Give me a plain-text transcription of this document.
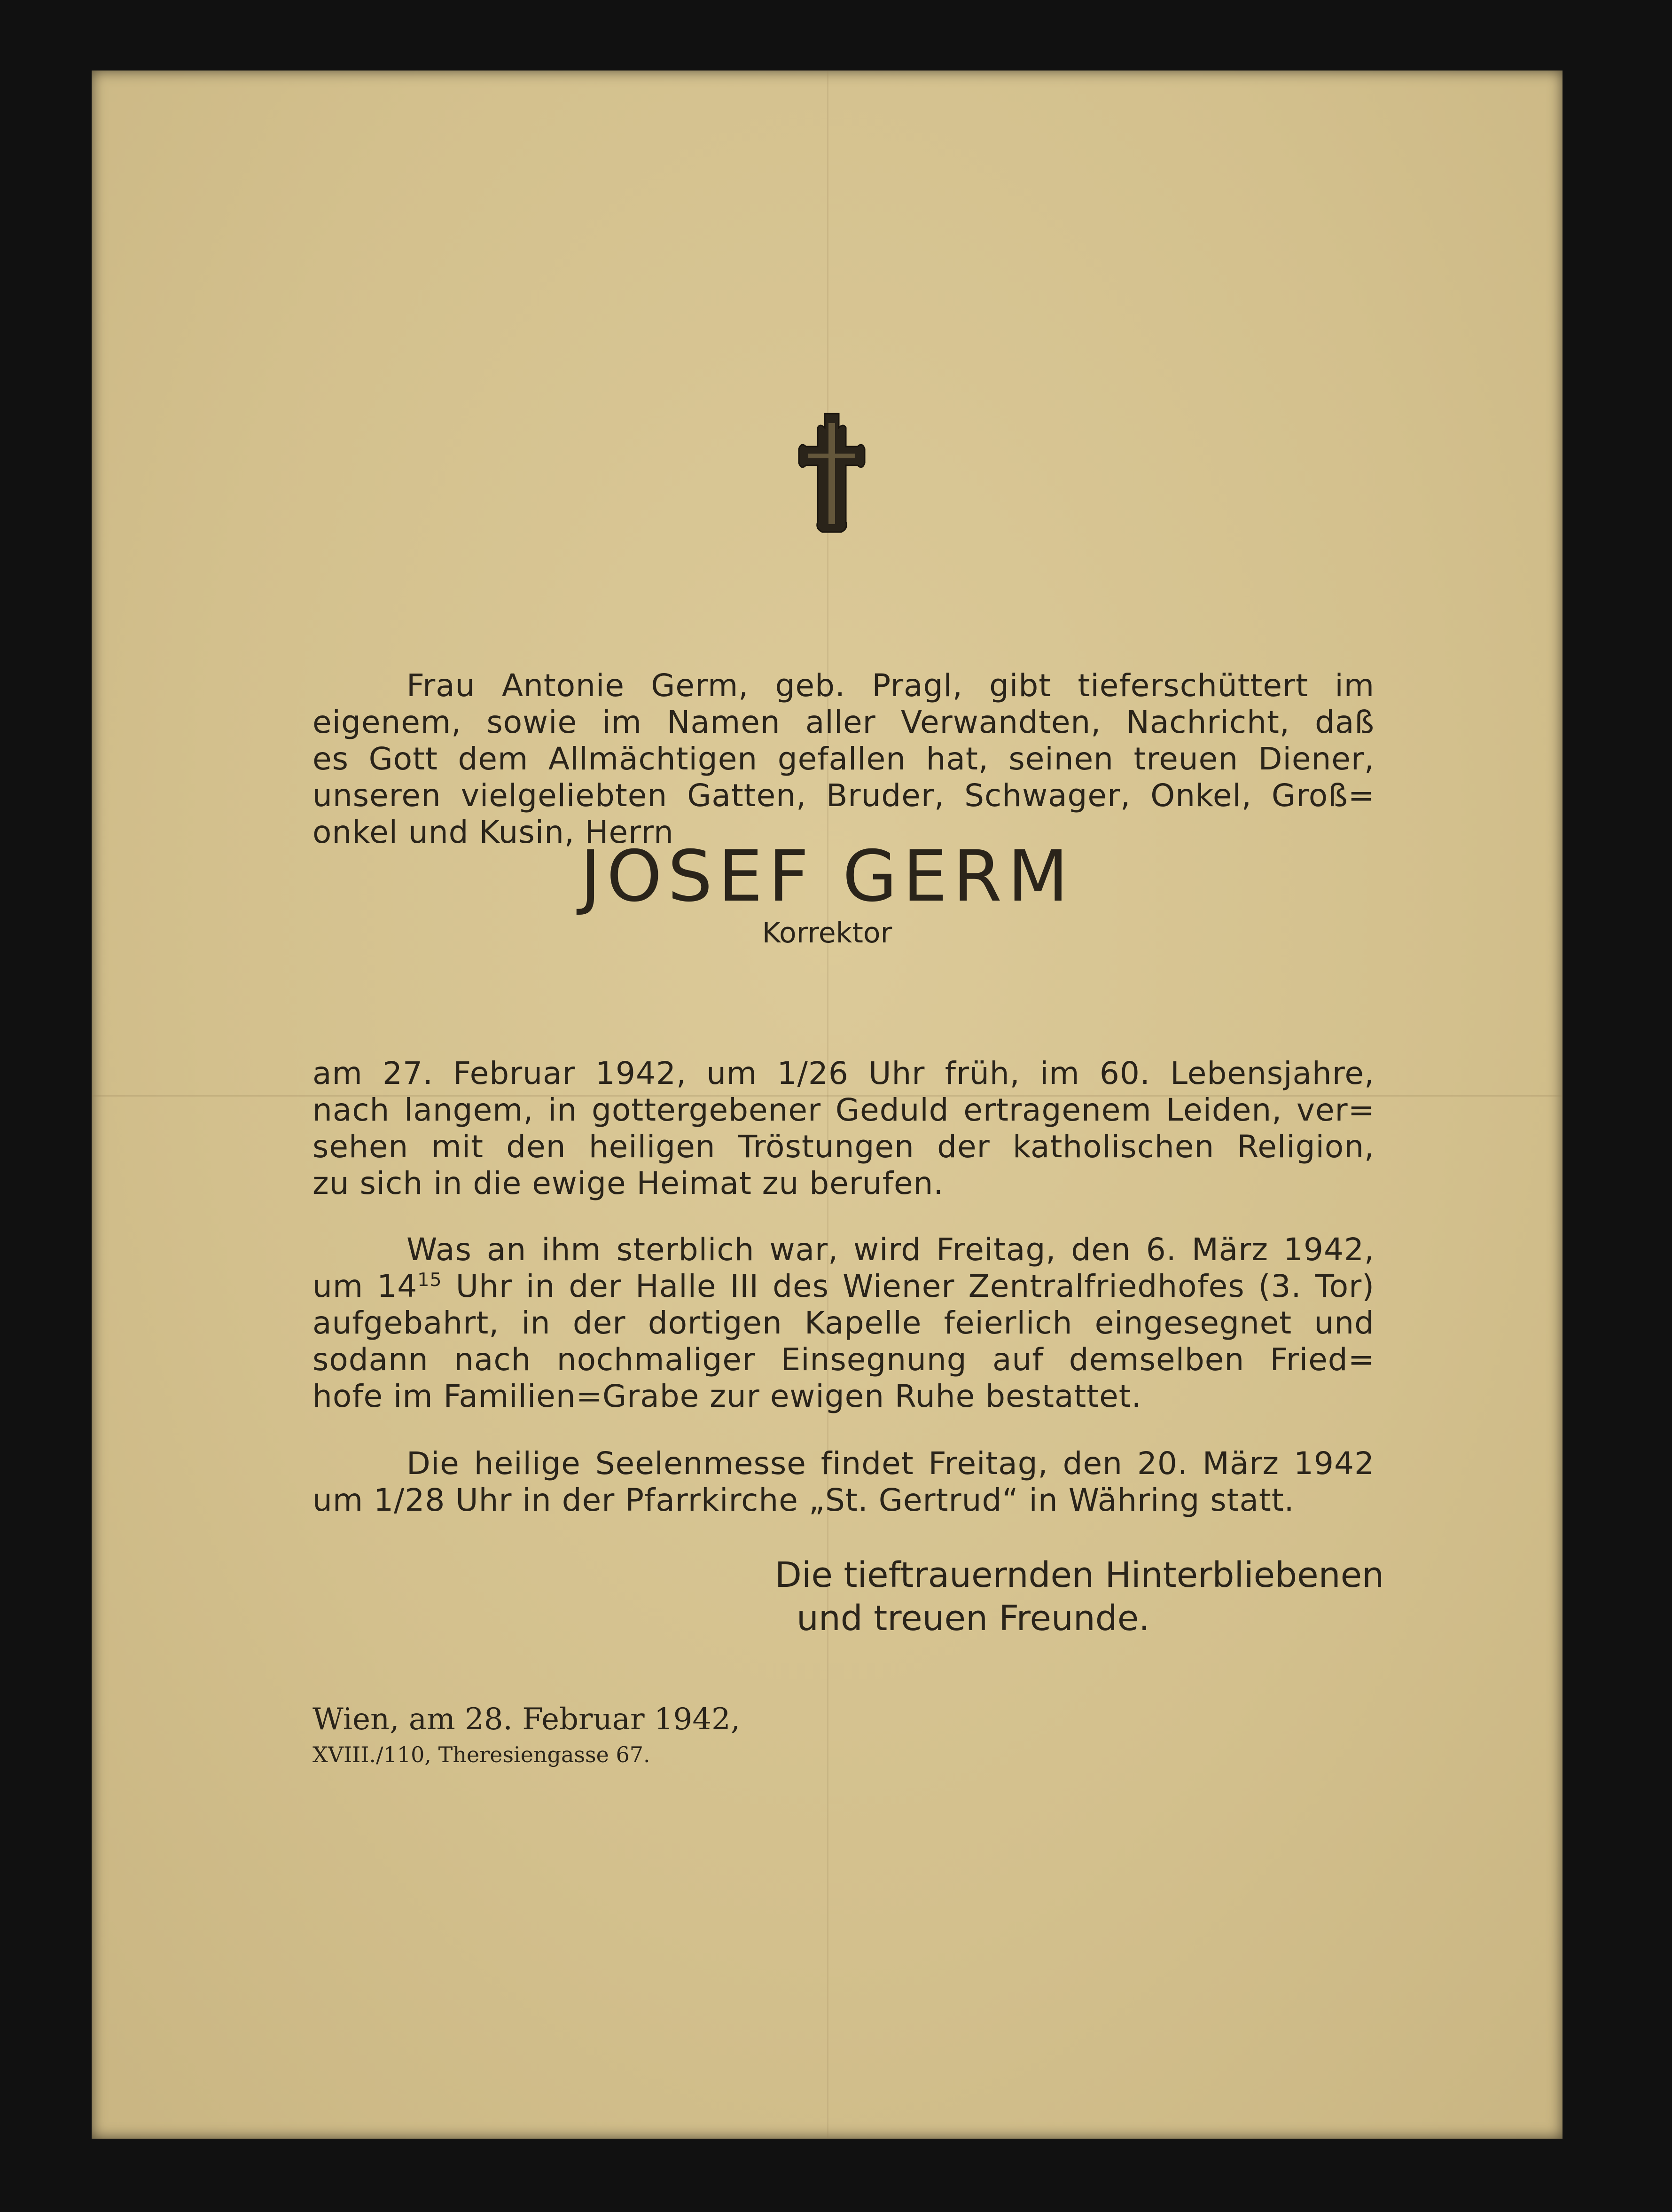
Frau Antonie Germ, geb. Pragl, gibt tieferschüttert im
eigenem, sowie im Namen aller Verwandten, Nachricht, daß
es Gott dem Allmächtigen gefallen hat, seinen treuen Diener,
unseren vielgeliebten Gatten, Bruder, Schwager, Onkel, Groß=
onkel und Kusin, Herrn
JOSEF GERM
Korrektor
am 27. Februar 1942, um 1/26 Uhr früh, im 60. Lebensjahre,
nach langem, in gottergebener Geduld ertragenem Leiden, ver=
sehen mit den heiligen Tröstungen der katholischen Religion,
zu sich in die ewige Heimat zu berufen.
Was an ihm sterblich war, wird Freitag, den 6. März 1942,
um $14^{15}$ Uhr in der Halle III des Wiener Zentralfriedhofes (3. Tor)
aufgebahrt, in der dortigen Kapelle feierlich eingesegnet und
sodann nach nochmaliger Einsegnung auf demselben Fried=
hofe im Familien=Grabe zur ewigen Ruhe bestattet.
Die heilige Seelenmesse findet Freitag, den 20. März 1942
um 1/28 Uhr in der Pfarrkirche „St. Gertrud“ in Währing statt.
Die tieftrauernden Hinterbliebenen
und treuen Freunde.
Wien, am 28. Februar 1942,
XVIII./110, Theresiengasse 67.
